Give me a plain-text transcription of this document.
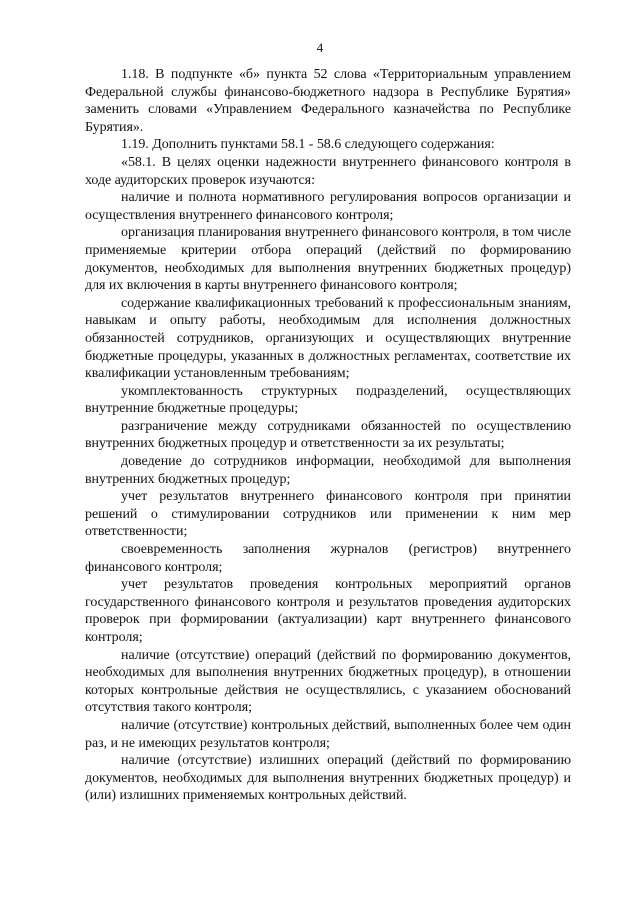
4

1.18. В подпункте «б» пункта 52 слова «Территориальным управлением Федеральной службы финансово-бюджетного надзора в Республике Бурятия» заменить словами «Управлением Федерального казначейства по Республике Бурятия».

1.19. Дополнить пунктами 58.1 - 58.6 следующего содержания:

«58.1. В целях оценки надежности внутреннего финансового контроля в ходе аудиторских проверок изучаются:

наличие и полнота нормативного регулирования вопросов организации и осуществления внутреннего финансового контроля;

организация планирования внутреннего финансового контроля, в том числе применяемые критерии отбора операций (действий по формированию документов, необходимых для выполнения внутренних бюджетных процедур) для их включения в карты внутреннего финансового контроля;

содержание квалификационных требований к профессиональным знаниям, навыкам и опыту работы, необходимым для исполнения должностных обязанностей сотрудников, организующих и осуществляющих внутренние бюджетные процедуры, указанных в должностных регламентах, соответствие их квалификации установленным требованиям;

укомплектованность структурных подразделений, осуществляющих внутренние бюджетные процедуры;

разграничение между сотрудниками обязанностей по осуществлению внутренних бюджетных процедур и ответственности за их результаты;

доведение до сотрудников информации, необходимой для выполнения внутренних бюджетных процедур;

учет результатов внутреннего финансового контроля при принятии решений о стимулировании сотрудников или применении к ним мер ответственности;

своевременность заполнения журналов (регистров) внутреннего финансового контроля;

учет результатов проведения контрольных мероприятий органов государственного финансового контроля и результатов проведения аудиторских проверок при формировании (актуализации) карт внутреннего финансового контроля;

наличие (отсутствие) операций (действий по формированию документов, необходимых для выполнения внутренних бюджетных процедур), в отношении которых контрольные действия не осуществлялись, с указанием обоснований отсутствия такого контроля;

наличие (отсутствие) контрольных действий, выполненных более чем один раз, и не имеющих результатов контроля;

наличие (отсутствие) излишних операций (действий по формированию документов, необходимых для выполнения внутренних бюджетных процедур) и (или) излишних применяемых контрольных действий.
